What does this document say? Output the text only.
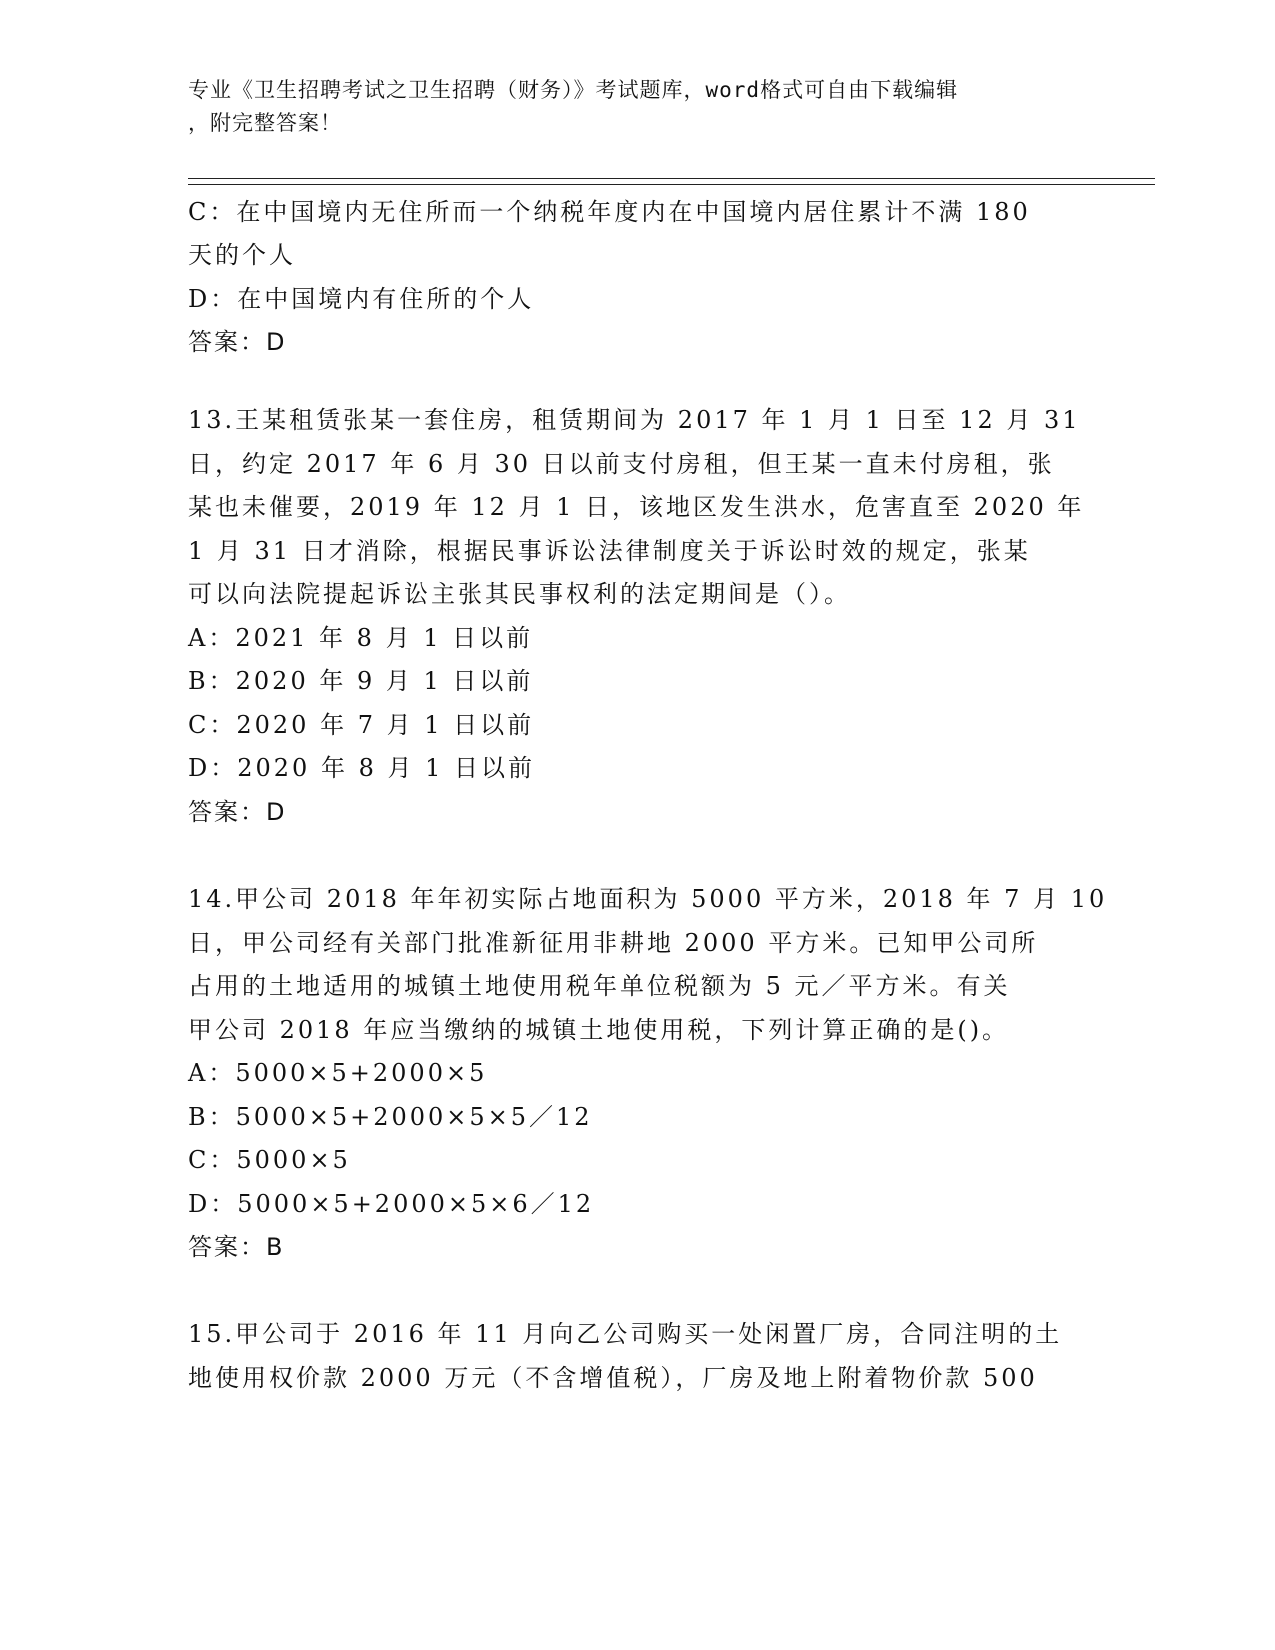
专业《卫生招聘考试之卫生招聘（财务）》考试题库，word格式可自由下载编辑
，附完整答案！
C：在中国境内无住所而一个纳税年度内在中国境内居住累计不满 180
天的个人
D：在中国境内有住所的个人
答案：D
13.王某租赁张某一套住房，租赁期间为 2017 年 1 月 1 日至 12 月 31
日，约定 2017 年 6 月 30 日以前支付房租，但王某一直未付房租，张
某也未催要，2019 年 12 月 1 日，该地区发生洪水，危害直至 2020 年
1 月 31 日才消除，根据民事诉讼法律制度关于诉讼时效的规定，张某
可以向法院提起诉讼主张其民事权利的法定期间是（）。
A：2021 年 8 月 1 日以前
B：2020 年 9 月 1 日以前
C：2020 年 7 月 1 日以前
D：2020 年 8 月 1 日以前
答案：D
14.甲公司 2018 年年初实际占地面积为 5000 平方米，2018 年 7 月 10
日，甲公司经有关部门批准新征用非耕地 2000 平方米。已知甲公司所
占用的土地适用的城镇土地使用税年单位税额为 5 元／平方米。有关
甲公司 2018 年应当缴纳的城镇土地使用税，下列计算正确的是()。
A：5000×5+2000×5
B：5000×5+2000×5×5／12
C：5000×5
D：5000×5+2000×5×6／12
答案：B
15.甲公司于 2016 年 11 月向乙公司购买一处闲置厂房，合同注明的土
地使用权价款 2000 万元（不含增值税），厂房及地上附着物价款 500
